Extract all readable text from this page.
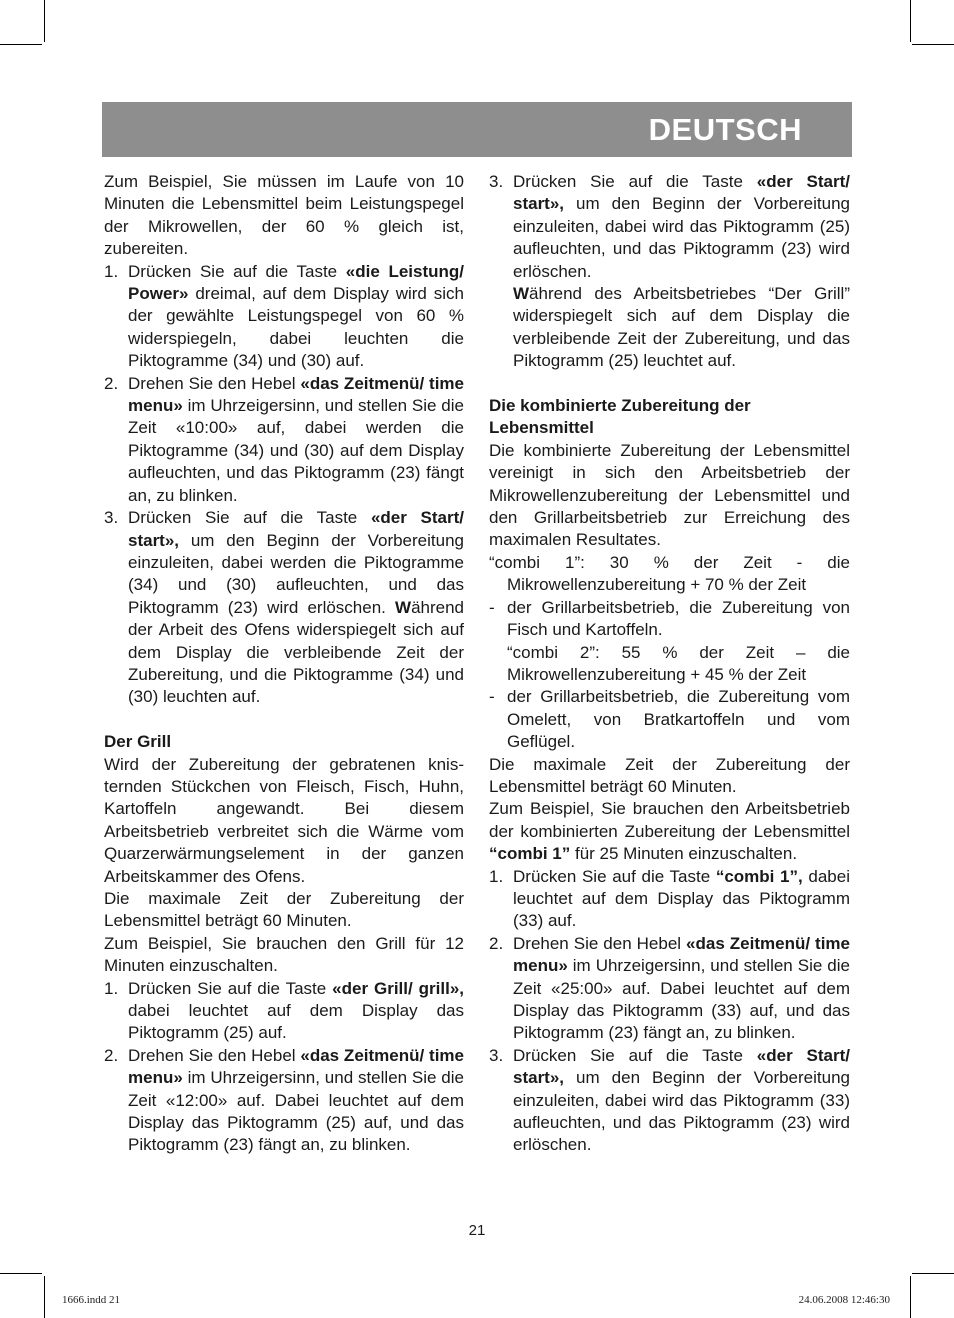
DEUTSCH

Zum Beispiel, Sie müssen im Laufe von 10 Minuten die Lebensmittel beim Leistungspegel der Mikrowellen, der 60 % gleich ist, zubereiten.

1. Drücken Sie auf die Taste «die Leistung/ Power» dreimal, auf dem Display wird sich der gewählte Leistungspegel von 60 % widerspiegeln, dabei leuchten die Piktogramme (34) und (30) auf.
2. Drehen Sie den Hebel «das Zeitmenü/ time menu» im Uhrzeigersinn, und stellen Sie die Zeit «10:00» auf, dabei werden die Piktogramme (34) und (30) auf dem Display aufleuchten, und das Piktogramm (23) fängt an, zu blinken.
3. Drücken Sie auf die Taste «der Start/ start», um den Beginn der Vorbereitung einzuleiten, dabei werden die Piktogramme (34) und (30) aufleuchten, und das Piktogramm (23) wird erlöschen. Während der Arbeit des Ofens widerspiegelt sich auf dem Display die verbleibende Zeit der Zubereitung, und die Piktogramme (34) und (30) leuchten auf.

Der Grill

Wird der Zubereitung der gebratenen knisternden Stückchen von Fleisch, Fisch, Huhn, Kartoffeln angewandt. Bei diesem Arbeitsbetrieb verbreitet sich die Wärme vom Quarzerwärmungselement in der ganzen Arbeitskammer des Ofens.

Die maximale Zeit der Zubereitung der Lebensmittel beträgt 60 Minuten.

Zum Beispiel, Sie brauchen den Grill für 12 Minuten einzuschalten.

1. Drücken Sie auf die Taste «der Grill/ grill», dabei leuchtet auf dem Display das Piktogramm (25) auf.
2. Drehen Sie den Hebel «das Zeitmenü/ time menu» im Uhrzeigersinn, und stellen Sie die Zeit «12:00» auf. Dabei leuchtet auf dem Display das Piktogramm (25) auf, und das Piktogramm (23) fängt an, zu blinken.
3. Drücken Sie auf die Taste «der Start/ start», um den Beginn der Vorbereitung einzuleiten, dabei wird das Piktogramm (25) aufleuchten, und das Piktogramm (23) wird erlöschen.
Während des Arbeitsbetriebes “Der Grill” widerspiegelt sich auf dem Display die verbleibende Zeit der Zubereitung, und das Piktogramm (25) leuchtet auf.

Die kombinierte Zubereitung der Lebensmittel

Die kombinierte Zubereitung der Lebensmittel vereinigt in sich den Arbeitsbetrieb der Mikrowellenzubereitung der Lebensmittel und den Grillarbeitsbetrieb zur Erreichung des maximalen Resultates.

“combi 1”: 30 % der Zeit - die Mikrowellenzubereitung + 70 % der Zeit
- der Grillarbeitsbetrieb, die Zubereitung von Fisch und Kartoffeln.
“combi 2”: 55 % der Zeit – die Mikrowellenzubereitung + 45 % der Zeit
- der Grillarbeitsbetrieb, die Zubereitung vom Omelett, von Bratkartoffeln und vom Geflügel.

Die maximale Zeit der Zubereitung der Lebensmittel beträgt 60 Minuten.

Zum Beispiel, Sie brauchen den Arbeitsbetrieb der kombinierten Zubereitung der Lebensmittel “combi 1” für 25 Minuten einzuschalten.

1. Drücken Sie auf die Taste “combi 1”, dabei leuchtet auf dem Display das Piktogramm (33) auf.
2. Drehen Sie den Hebel «das Zeitmenü/ time menu» im Uhrzeigersinn, und stellen Sie die Zeit «25:00» auf. Dabei leuchtet auf dem Display das Piktogramm (33) auf, und das Piktogramm (23) fängt an, zu blinken.
3. Drücken Sie auf die Taste «der Start/ start», um den Beginn der Vorbereitung einzuleiten, dabei wird das Piktogramm (33) aufleuchten, und das Piktogramm (23) wird erlöschen.
21
1666.indd 21	24.06.2008 12:46:30
